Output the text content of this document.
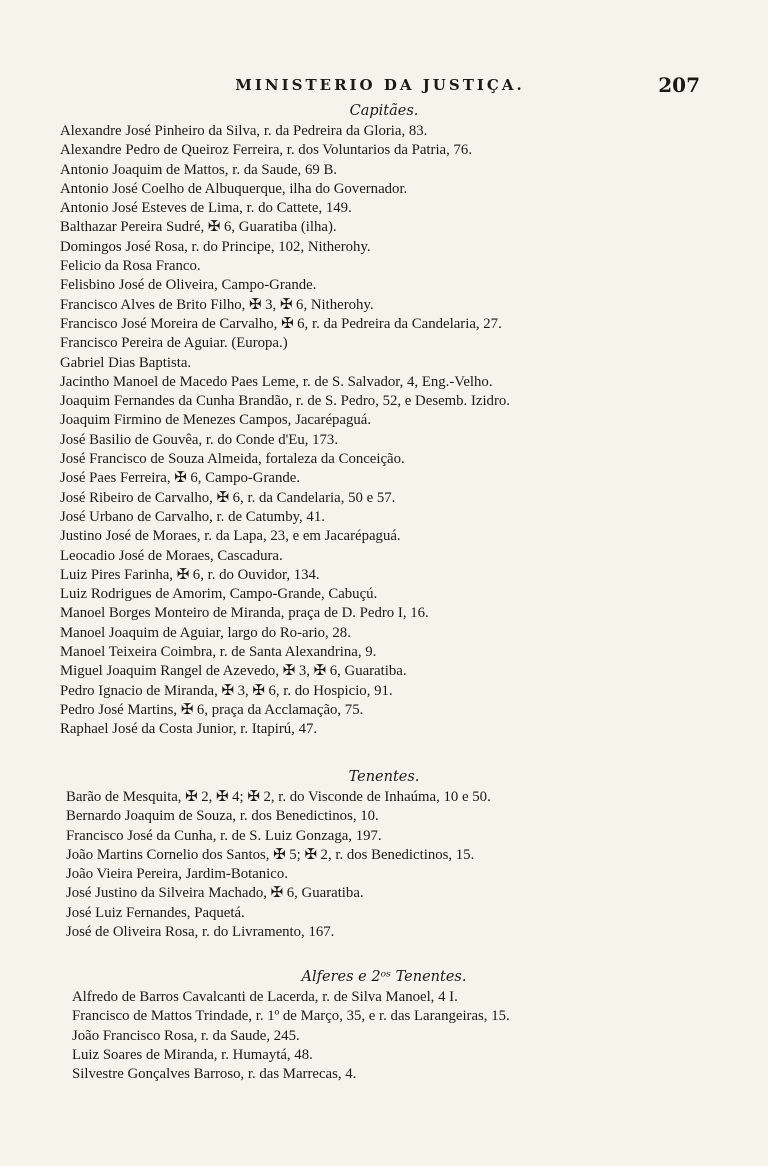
MINISTERIO DA JUSTIÇA.	207
Capitães.
Alexandre José Pinheiro da Silva, r. da Pedreira da Gloria, 83.
Alexandre Pedro de Queiroz Ferreira, r. dos Voluntarios da Patria, 76.
Antonio Joaquim de Mattos, r. da Saude, 69 B.
Antonio José Coelho de Albuquerque, ilha do Governador.
Antonio José Esteves de Lima, r. do Cattete, 149.
Balthazar Pereira Sudré, ✠ 6, Guaratiba (ilha).
Domingos José Rosa, r. do Principe, 102, Nitherohy.
Felicio da Rosa Franco.
Felisbino José de Oliveira, Campo-Grande.
Francisco Alves de Brito Filho, ✠ 3, ✠ 6, Nitherohy.
Francisco José Moreira de Carvalho, ✠ 6, r. da Pedreira da Candelaria, 27.
Francisco Pereira de Aguiar. (Europa.)
Gabriel Dias Baptista.
Jacintho Manoel de Macedo Paes Leme, r. de S. Salvador, 4, Eng.-Velho.
Joaquim Fernandes da Cunha Brandão, r. de S. Pedro, 52, e Desemb. Izidro.
Joaquim Firmino de Menezes Campos, Jacarépaguá.
José Basilio de Gouvêa, r. do Conde d'Eu, 173.
José Francisco de Souza Almeida, fortaleza da Conceição.
José Paes Ferreira, ✠ 6, Campo-Grande.
José Ribeiro de Carvalho, ✠ 6, r. da Candelaria, 50 e 57.
José Urbano de Carvalho, r. de Catumby, 41.
Justino José de Moraes, r. da Lapa, 23, e em Jacarépaguá.
Leocadio José de Moraes, Cascadura.
Luiz Pires Farinha, ✠ 6, r. do Ouvidor, 134.
Luiz Rodrigues de Amorim, Campo-Grande, Cabuçú.
Manoel Borges Monteiro de Miranda, praça de D. Pedro I, 16.
Manoel Joaquim de Aguiar, largo do Ro-ario, 28.
Manoel Teixeira Coimbra, r. de Santa Alexandrina, 9.
Miguel Joaquim Rangel de Azevedo, ✠ 3, ✠ 6, Guaratiba.
Pedro Ignacio de Miranda, ✠ 3, ✠ 6, r. do Hospicio, 91.
Pedro José Martins, ✠ 6, praça da Acclamação, 75.
Raphael José da Costa Junior, r. Itapirú, 47.
Tenentes.
Barão de Mesquita, ✠ 2, ✠ 4; ✠ 2, r. do Visconde de Inhaúma, 10 e 50.
Bernardo Joaquim de Souza, r. dos Benedictinos, 10.
Francisco José da Cunha, r. de S. Luiz Gonzaga, 197.
João Martins Cornelio dos Santos, ✠ 5; ✠ 2, r. dos Benedictinos, 15.
João Vieira Pereira, Jardim-Botanico.
José Justino da Silveira Machado, ✠ 6, Guaratiba.
José Luiz Fernandes, Paquetá.
José de Oliveira Rosa, r. do Livramento, 167.
Alferes e 2ᵒˢ Tenentes.
Alfredo de Barros Cavalcanti de Lacerda, r. de Silva Manoel, 4 I.
Francisco de Mattos Trindade, r. 1º de Março, 35, e r. das Larangeiras, 15.
João Francisco Rosa, r. da Saude, 245.
Luiz Soares de Miranda, r. Humaytá, 48.
Silvestre Gonçalves Barroso, r. das Marrecas, 4.
